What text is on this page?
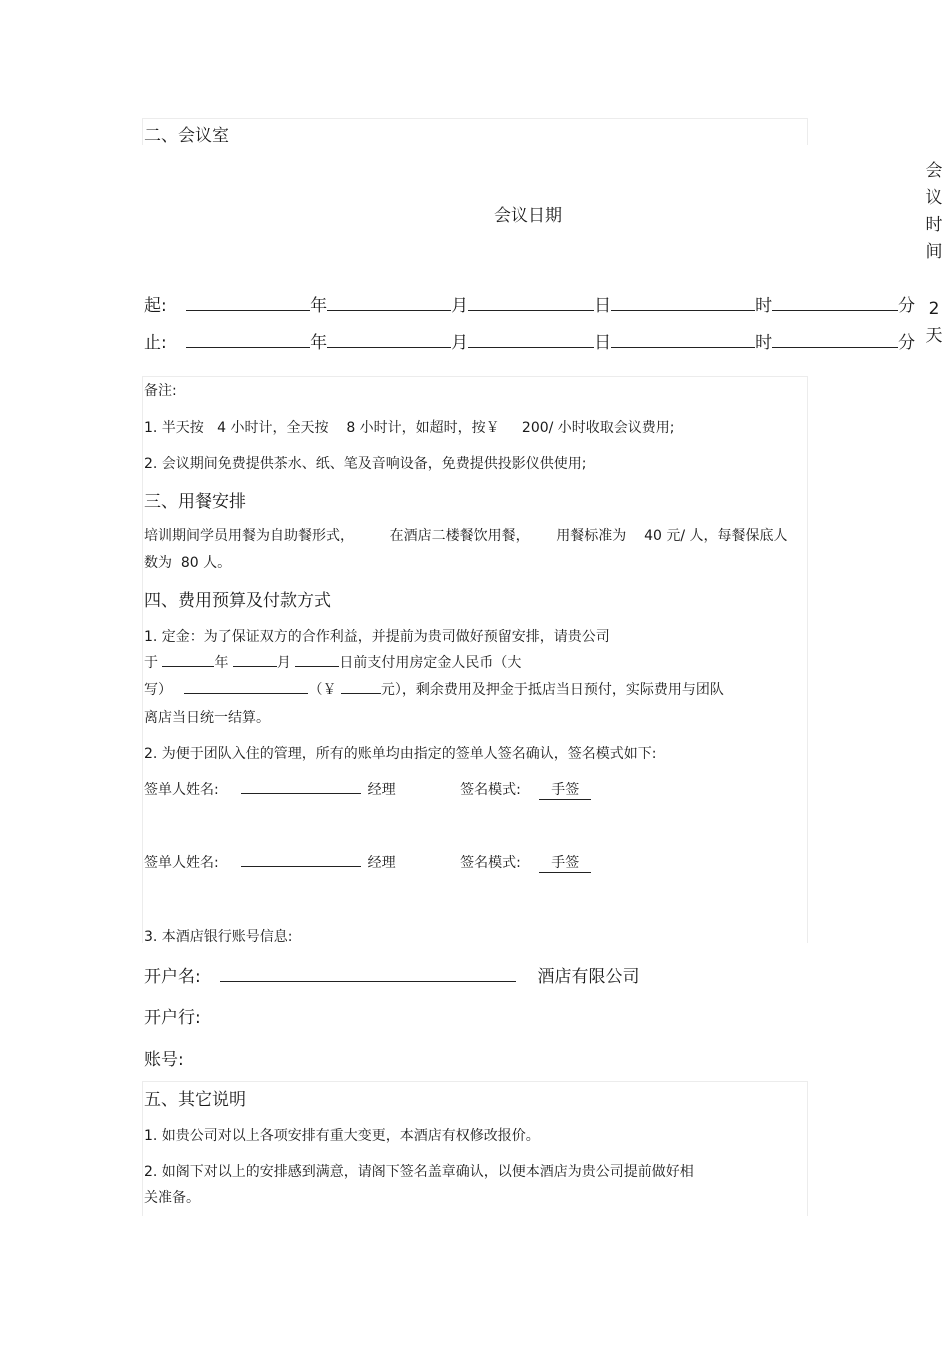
二、会议室
会议日期
会
议
时
间
2
天
起:	年	月	日	时	分
止:	年	月	日	时	分
备注:
1. 半天按   4 小时计，全天按    8 小时计，如超时，按￥     200/ 小时收取会议费用;
2. 会议期间免费提供茶水、纸、笔及音响设备，免费提供投影仪供使用;
三、用餐安排
培训期间学员用餐为自助餐形式，        在酒店二楼餐饮用餐，      用餐标准为    40 元/ 人，每餐保底人
数为  80 人。
四、费用预算及付款方式
1. 定金：为了保证双方的合作利益，并提前为贵司做好预留安排，请贵公司
于	年	月	日前支付用房定金人民币（大
写）	（￥	元），剩余费用及押金于抵店当日预付，实际费用与团队
离店当日统一结算。
2. 为便于团队入住的管理，所有的账单均由指定的签单人签名确认，签名模式如下:
签单人姓名:	经理	签名模式: 手签
签单人姓名:	经理	签名模式: 手签
3. 本酒店银行账号信息:
开户名:	酒店有限公司
开户行:
账号:
五、其它说明
1. 如贵公司对以上各项安排有重大变更，本酒店有权修改报价。
2. 如阁下对以上的安排感到满意，请阁下签名盖章确认，以便本酒店为贵公司提前做好相
关准备。
